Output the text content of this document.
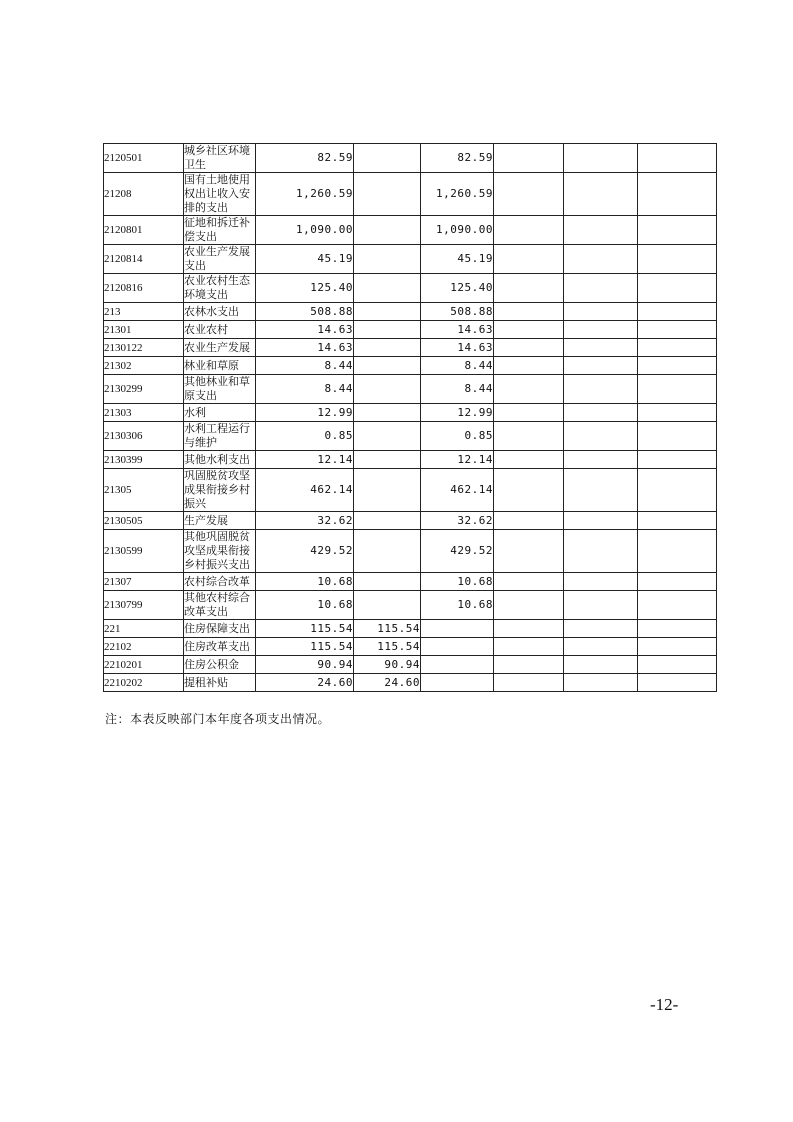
2120501	城乡社区环境卫生	82.59		82.59			
21208	国有土地使用权出让收入安排的支出	1,260.59		1,260.59			
2120801	征地和拆迁补偿支出	1,090.00		1,090.00			
2120814	农业生产发展支出	45.19		45.19			
2120816	农业农村生态环境支出	125.40		125.40			
213	农林水支出	508.88		508.88			
21301	农业农村	14.63		14.63			
2130122	农业生产发展	14.63		14.63			
21302	林业和草原	8.44		8.44			
2130299	其他林业和草原支出	8.44		8.44			
21303	水利	12.99		12.99			
2130306	水利工程运行与维护	0.85		0.85			
2130399	其他水利支出	12.14		12.14			
21305	巩固脱贫攻坚成果衔接乡村振兴	462.14		462.14			
2130505	生产发展	32.62		32.62			
2130599	其他巩固脱贫攻坚成果衔接乡村振兴支出	429.52		429.52			
21307	农村综合改革	10.68		10.68			
2130799	其他农村综合改革支出	10.68		10.68			
221	住房保障支出	115.54	115.54				
22102	住房改革支出	115.54	115.54				
2210201	住房公积金	90.94	90.94				
2210202	提租补贴	24.60	24.60				
注：本表反映部门本年度各项支出情况。
-12-
